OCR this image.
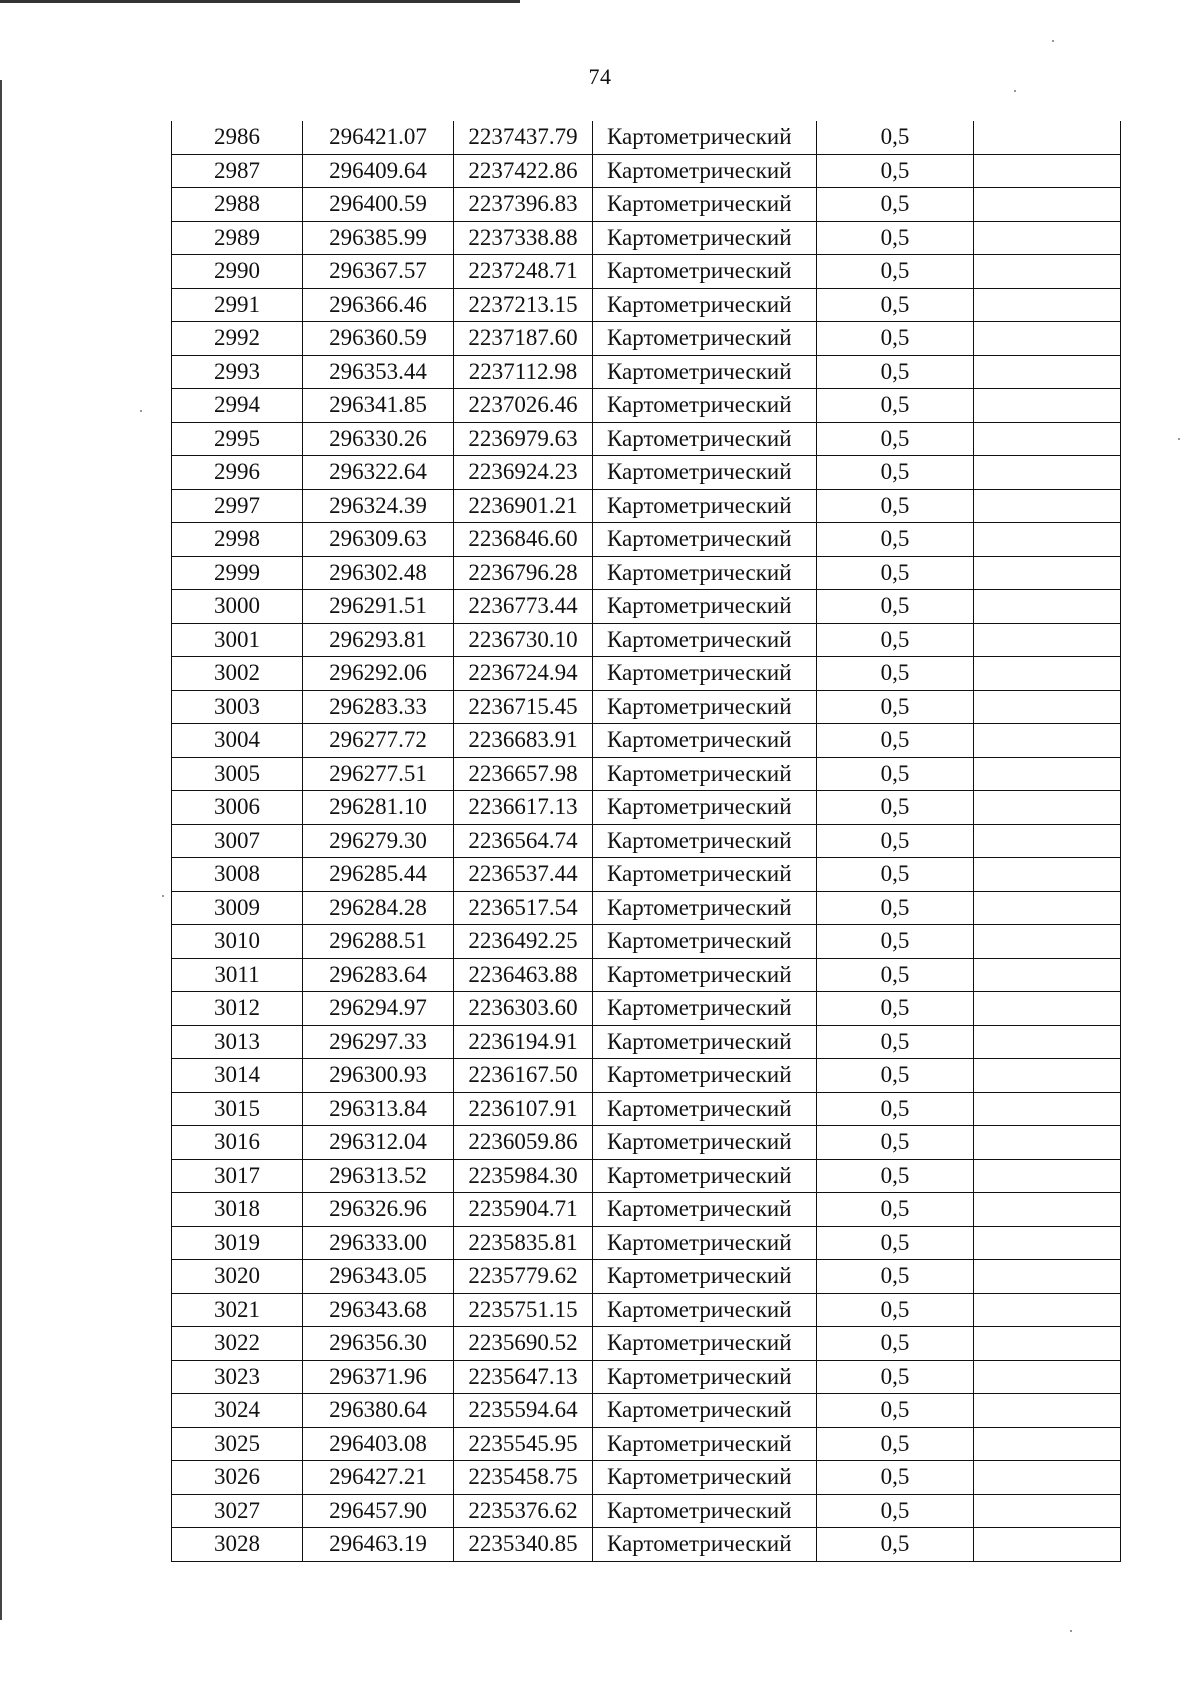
74
2986	296421.07	2237437.79	Картометрический	0,5	
2987	296409.64	2237422.86	Картометрический	0,5	
2988	296400.59	2237396.83	Картометрический	0,5	
2989	296385.99	2237338.88	Картометрический	0,5	
2990	296367.57	2237248.71	Картометрический	0,5	
2991	296366.46	2237213.15	Картометрический	0,5	
2992	296360.59	2237187.60	Картометрический	0,5	
2993	296353.44	2237112.98	Картометрический	0,5	
2994	296341.85	2237026.46	Картометрический	0,5	
2995	296330.26	2236979.63	Картометрический	0,5	
2996	296322.64	2236924.23	Картометрический	0,5	
2997	296324.39	2236901.21	Картометрический	0,5	
2998	296309.63	2236846.60	Картометрический	0,5	
2999	296302.48	2236796.28	Картометрический	0,5	
3000	296291.51	2236773.44	Картометрический	0,5	
3001	296293.81	2236730.10	Картометрический	0,5	
3002	296292.06	2236724.94	Картометрический	0,5	
3003	296283.33	2236715.45	Картометрический	0,5	
3004	296277.72	2236683.91	Картометрический	0,5	
3005	296277.51	2236657.98	Картометрический	0,5	
3006	296281.10	2236617.13	Картометрический	0,5	
3007	296279.30	2236564.74	Картометрический	0,5	
3008	296285.44	2236537.44	Картометрический	0,5	
3009	296284.28	2236517.54	Картометрический	0,5	
3010	296288.51	2236492.25	Картометрический	0,5	
3011	296283.64	2236463.88	Картометрический	0,5	
3012	296294.97	2236303.60	Картометрический	0,5	
3013	296297.33	2236194.91	Картометрический	0,5	
3014	296300.93	2236167.50	Картометрический	0,5	
3015	296313.84	2236107.91	Картометрический	0,5	
3016	296312.04	2236059.86	Картометрический	0,5	
3017	296313.52	2235984.30	Картометрический	0,5	
3018	296326.96	2235904.71	Картометрический	0,5	
3019	296333.00	2235835.81	Картометрический	0,5	
3020	296343.05	2235779.62	Картометрический	0,5	
3021	296343.68	2235751.15	Картометрический	0,5	
3022	296356.30	2235690.52	Картометрический	0,5	
3023	296371.96	2235647.13	Картометрический	0,5	
3024	296380.64	2235594.64	Картометрический	0,5	
3025	296403.08	2235545.95	Картометрический	0,5	
3026	296427.21	2235458.75	Картометрический	0,5	
3027	296457.90	2235376.62	Картометрический	0,5	
3028	296463.19	2235340.85	Картометрический	0,5	
